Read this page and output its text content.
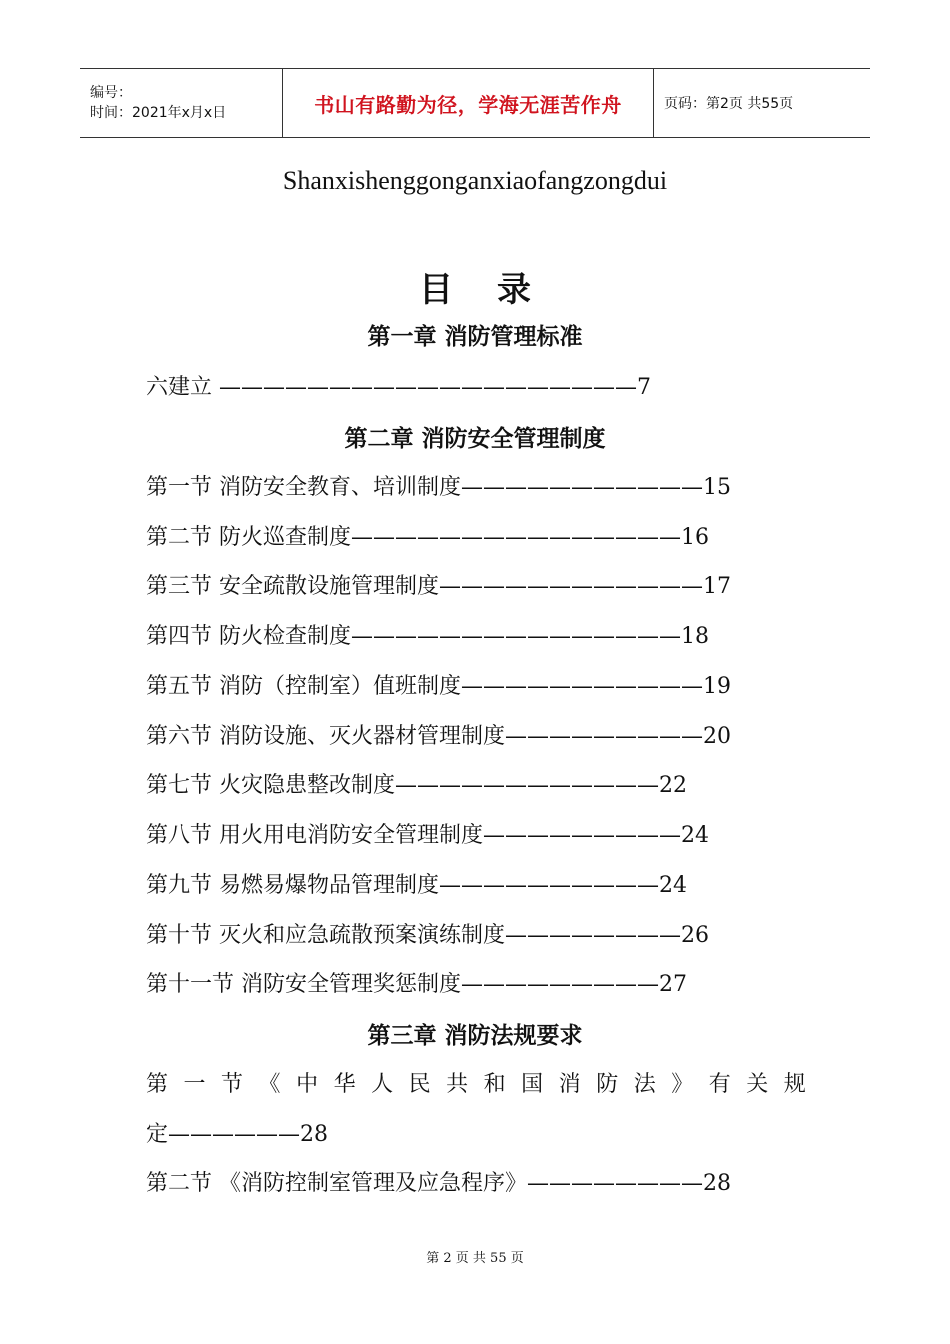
编号：
时间：2021年x月x日	书山有路勤为径，学海无涯苦作舟	页码：第2页 共55页
Shanxishenggonganxiaofangzongdui
目录
第一章 消防管理标准
六建立 ———————————————————7
第二章 消防安全管理制度
第一节 消防安全教育、培训制度———————————15
第二节 防火巡查制度———————————————16
第三节 安全疏散设施管理制度————————————17
第四节 防火检查制度———————————————18
第五节 消防（控制室）值班制度———————————19
第六节 消防设施、灭火器材管理制度—————————20
第七节 火灾隐患整改制度————————————22
第八节 用火用电消防安全管理制度—————————24
第九节 易燃易爆物品管理制度——————————24
第十节 灭火和应急疏散预案演练制度————————26
第十一节 消防安全管理奖惩制度—————————27
第三章 消防法规要求
第 一 节 《 中 华 人 民 共 和 国 消 防 法 》 有 关 规
定——————28
第二节 《消防控制室管理及应急程序》————————28
第 2 页 共 55 页
